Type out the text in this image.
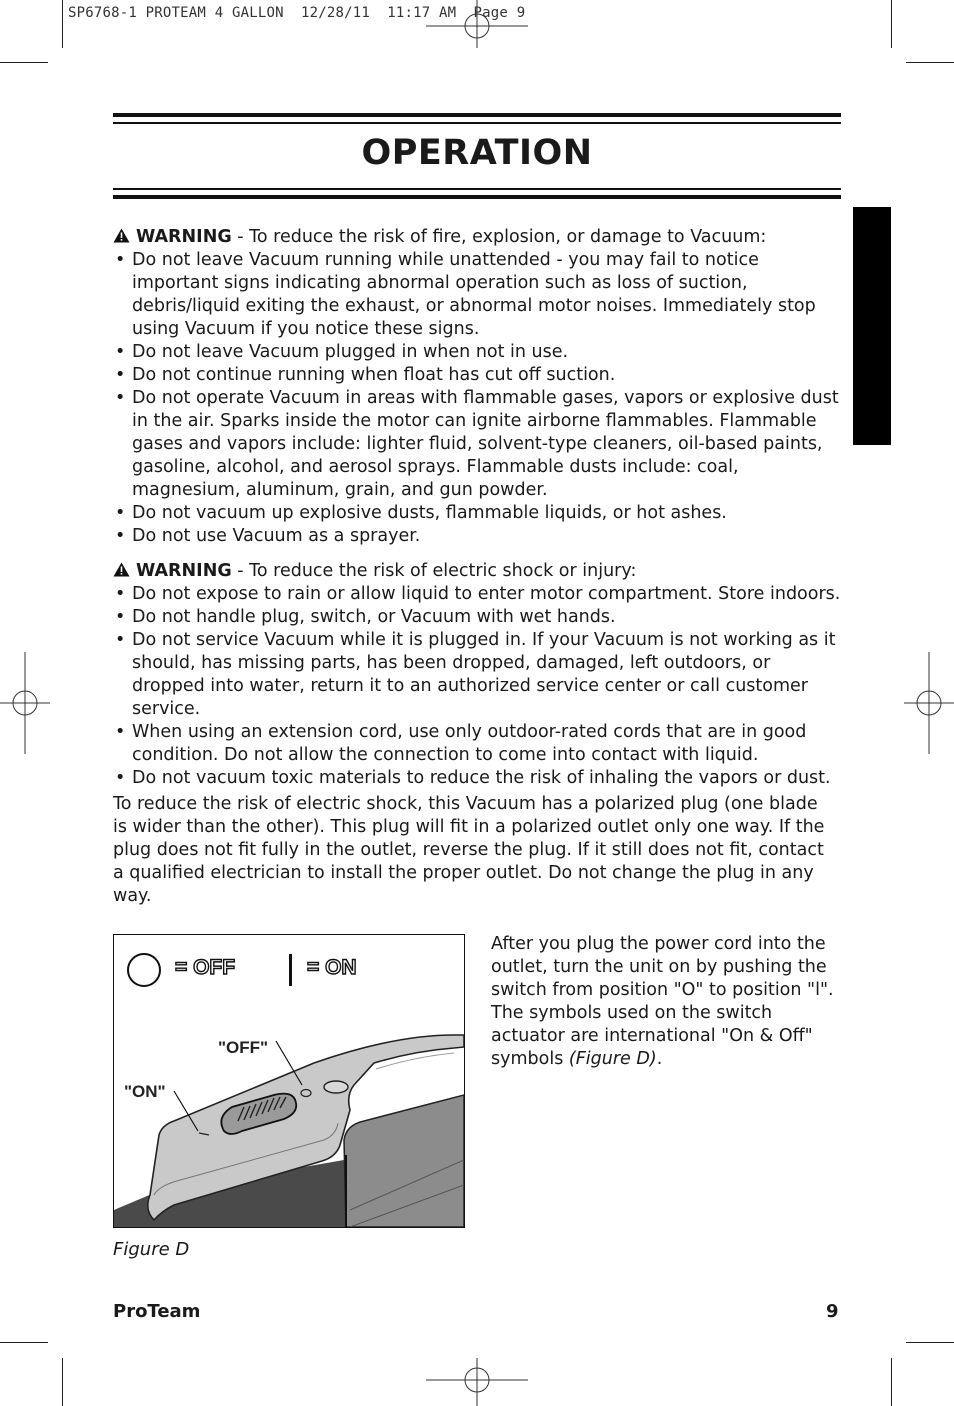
SP6768-1 PROTEAM 4 GALLON  12/28/11  11:17 AM  Page 9
OPERATION
WARNING - To reduce the risk of fire, explosion, or damage to Vacuum:
• Do not leave Vacuum running while unattended - you may fail to notice important signs indicating abnormal operation such as loss of suction, debris/liquid exiting the exhaust, or abnormal motor noises. Immediately stop using Vacuum if you notice these signs.
• Do not leave Vacuum plugged in when not in use.
• Do not continue running when float has cut off suction.
• Do not operate Vacuum in areas with flammable gases, vapors or explosive dust in the air. Sparks inside the motor can ignite airborne flammables. Flammable gases and vapors include: lighter fluid, solvent-type cleaners, oil-based paints, gasoline, alcohol, and aerosol sprays. Flammable dusts include: coal, magnesium, aluminum, grain, and gun powder.
• Do not vacuum up explosive dusts, flammable liquids, or hot ashes.
• Do not use Vacuum as a sprayer.
WARNING - To reduce the risk of electric shock or injury:
• Do not expose to rain or allow liquid to enter motor compartment. Store indoors.
• Do not handle plug, switch, or Vacuum with wet hands.
• Do not service Vacuum while it is plugged in. If your Vacuum is not working as it should, has missing parts, has been dropped, damaged, left outdoors, or dropped into water, return it to an authorized service center or call customer service.
• When using an extension cord, use only outdoor-rated cords that are in good condition. Do not allow the connection to come into contact with liquid.
• Do not vacuum toxic materials to reduce the risk of inhaling the vapors or dust.
To reduce the risk of electric shock, this Vacuum has a polarized plug (one blade is wider than the other). This plug will fit in a polarized outlet only one way. If the plug does not fit fully in the outlet, reverse the plug. If it still does not fit, contact a qualified electrician to install the proper outlet. Do not change the plug in any way.
= OFF	= ON
"OFF"
"ON"
After you plug the power cord into the outlet, turn the unit on by pushing the switch from position "O" to position "l". The symbols used on the switch actuator are international "On & Off" symbols (Figure D).
Figure D
ProTeam	9
